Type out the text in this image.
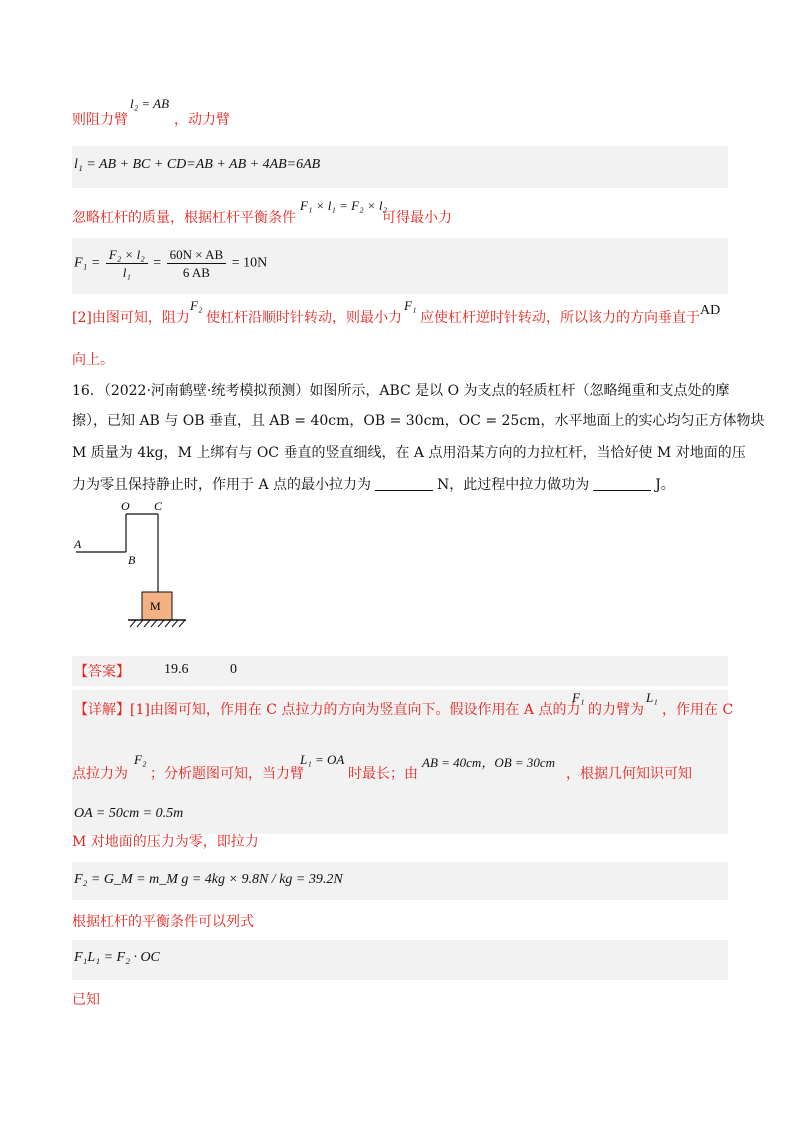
则阻力臂
l₂ = AB
，动力臂
l₁ = AB + BC + CD=AB + AB + 4AB=6AB
忽略杠杆的质量，根据杠杆平衡条件
F₁ × l₁ = F₂ × l₂
可得最小力
$F_1 = \frac{\text{F₂ × l₂}}{\text{l₁}} = \frac{60N \times AB}{6 AB} = 10N$
[2]由图可知，阻力
F₂
使杠杆沿顺时针转动，则最小力
F₁
应使杠杆逆时针转动，所以该力的方向垂直于 AD
向上。
16．（2022·河南鹤壁·统考模拟预测）如图所示，ABC 是以 O 为支点的轻质杠杆（忽略绳重和支点处的摩
擦），已知 AB 与 OB 垂直，且 AB = 40cm，OB = 30cm，OC = 25cm，水平地面上的实心均匀正方体物块
M 质量为 4kg，M 上绑有与 OC 垂直的竖直细线，在 A 点用沿某方向的力拉杠杆，当恰好使 M 对地面的压
力为零且保持静止时，作用于 A 点的最小拉力为	N，此过程中拉力做功为	J。
O C
A
B
M
【答案】 19.6	0
【详解】[1]由图可知，作用在 C 点拉力的方向为竖直向下。假设作用在 A 点的力
F₁
的力臂为
L₁
，作用在 C
点拉力为
F₂
；分析题图可知，当力臂
L₁ = OA
时最长；由
AB = 40cm，OB = 30cm
，根据几何知识可知
OA = 50cm = 0.5m
M 对地面的压力为零，即拉力
F₂ = G_M = m_M g = 4kg × 9.8N / kg = 39.2N
根据杠杆的平衡条件可以列式
F₁L₁ = F₂ · OC
已知
